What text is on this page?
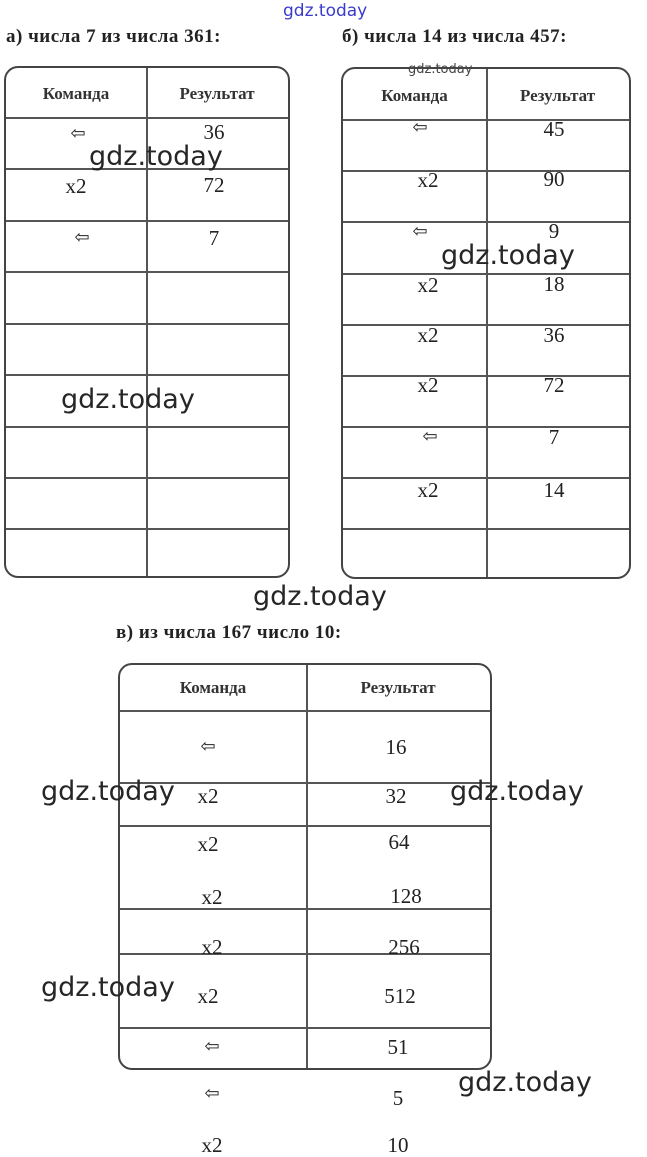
gdz.today
а) числа 7 из числа 361:
Команда	Результат
⇦	36
x2	72
⇦	7
б) числа 14 из числа 457:
Команда	Результат
⇦	45
x2	90
⇦	9
x2	18
x2	36
x2	72
⇦	7
x2	14
в) из числа 167 число 10:
Команда	Результат
⇦	16
x2	32
x2	64
x2	128
x2	256
x2	512
⇦	51
⇦	5
x2	10
gdz.today
gdz.today
gdz.today
gdz.today
gdz.today
gdz.today	gdz.today
gdz.today
gdz.today
